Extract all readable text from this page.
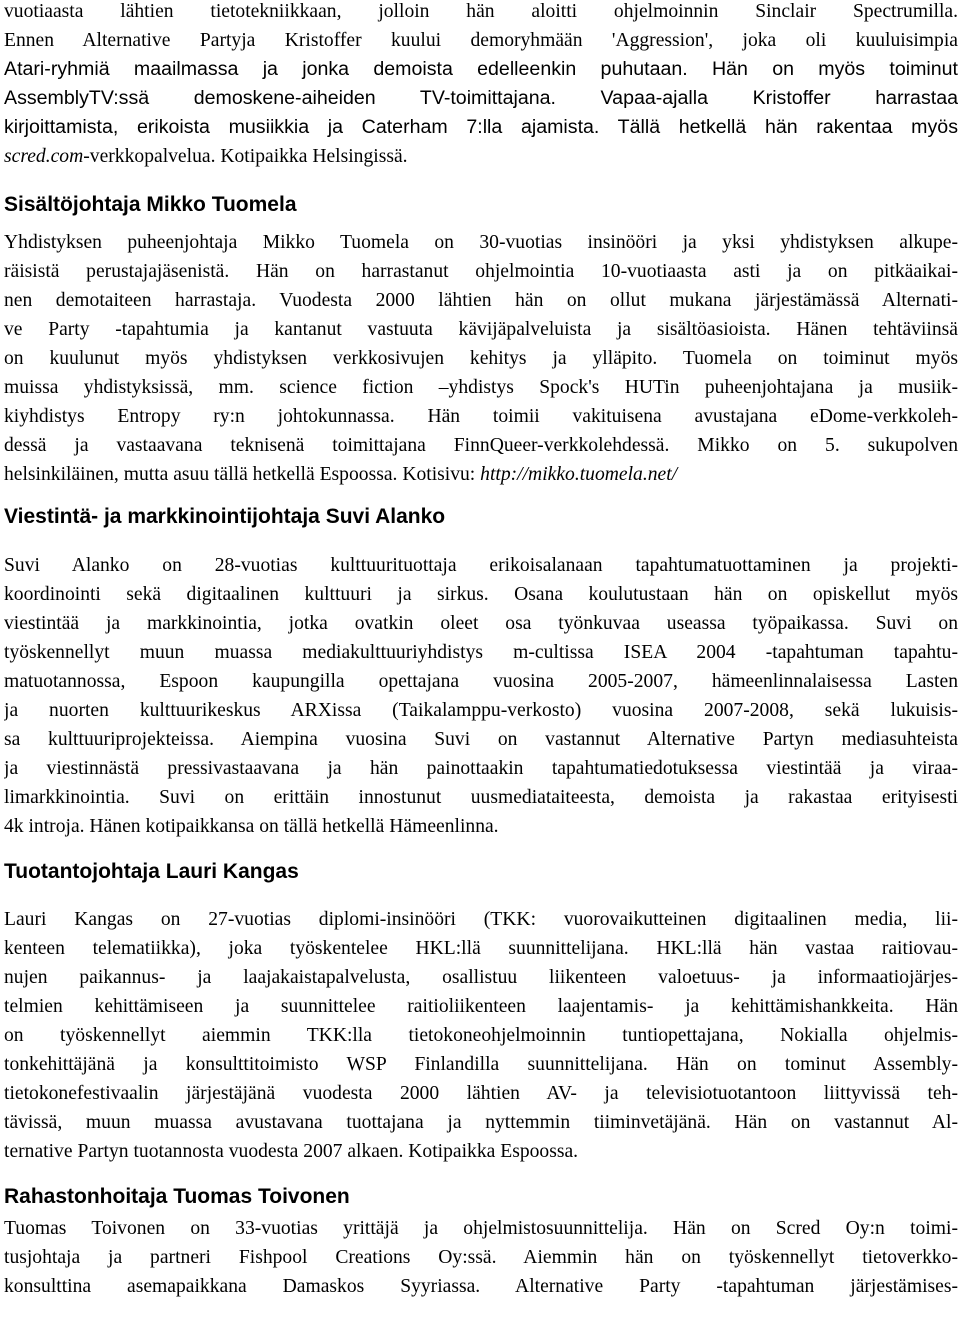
vuotiaasta lähtien tietotekniikkaan, jolloin hän aloitti ohjelmoinnin Sinclair Spectrumilla.
Ennen Alternative Partyja Kristoffer kuului demoryhmään 'Aggression', joka oli kuuluisimpia
Atari-ryhmiä maailmassa ja jonka demoista edelleenkin puhutaan. Hän on myös toiminut
AssemblyTV:ssä demoskene-aiheiden TV-toimittajana. Vapaa-ajalla Kristoffer harrastaa
kirjoittamista, erikoista musiikkia ja Caterham 7:lla ajamista. Tällä hetkellä hän rakentaa myös
scred.com-verkkopalvelua. Kotipaikka Helsingissä.
Sisältöjohtaja Mikko Tuomela
Yhdistyksen puheenjohtaja Mikko Tuomela on 30-vuotias insinööri ja yksi yhdistyksen alkupe-
räisistä perustajajäsenistä. Hän on harrastanut ohjelmointia 10-vuotiaasta asti ja on pitkäaikai-
nen demotaiteen harrastaja. Vuodesta 2000 lähtien hän on ollut mukana järjestämässä Alternati-
ve Party -tapahtumia ja kantanut vastuuta kävijäpalveluista ja sisältöasioista. Hänen tehtäviinsä
on kuulunut myös yhdistyksen verkkosivujen kehitys ja ylläpito. Tuomela on toiminut myös
muissa yhdistyksissä, mm. science fiction –yhdistys Spock's HUTin puheenjohtajana ja musiik-
kiyhdistys Entropy ry:n johtokunnassa. Hän toimii vakituisena avustajana eDome-verkkoleh-
dessä ja vastaavana teknisenä toimittajana FinnQueer-verkkolehdessä. Mikko on 5. sukupolven
helsinkiläinen, mutta asuu tällä hetkellä Espoossa. Kotisivu: http://mikko.tuomela.net/
Viestintä- ja markkinointijohtaja Suvi Alanko
Suvi Alanko on 28-vuotias kulttuurituottaja erikoisalanaan tapahtumatuottaminen ja projekti-
koordinointi sekä digitaalinen kulttuuri ja sirkus. Osana koulutustaan hän on opiskellut myös
viestintää ja markkinointia, jotka ovatkin oleet osa työnkuvaa useassa työpaikassa. Suvi on
työskennellyt muun muassa mediakulttuuriyhdistys m-cultissa ISEA 2004 -tapahtuman tapahtu-
matuotannossa, Espoon kaupungilla opettajana vuosina 2005-2007, hämeenlinnalaisessa Lasten
ja nuorten kulttuurikeskus ARXissa (Taikalamppu-verkosto) vuosina 2007-2008, sekä lukuisis-
sa kulttuuriprojekteissa. Aiempina vuosina Suvi on vastannut Alternative Partyn mediasuhteista
ja viestinnästä pressivastaavana ja hän painottaakin tapahtumatiedotuksessa viestintää ja viraa-
limarkkinointia. Suvi on erittäin innostunut uusmediataiteesta, demoista ja rakastaa erityisesti
4k introja. Hänen kotipaikkansa on tällä hetkellä Hämeenlinna.
Tuotantojohtaja Lauri Kangas
Lauri Kangas on 27-vuotias diplomi-insinööri (TKK: vuorovaikutteinen digitaalinen media, lii-
kenteen telematiikka), joka työskentelee HKL:llä suunnittelijana. HKL:llä hän vastaa raitiovau-
nujen paikannus- ja laajakaistapalvelusta, osallistuu liikenteen valoetuus- ja informaatiojärjes-
telmien kehittämiseen ja suunnittelee raitioliikenteen laajentamis- ja kehittämishankkeita. Hän
on työskennellyt aiemmin TKK:lla tietokoneohjelmoinnin tuntiopettajana, Nokialla ohjelmis-
tonkehittäjänä ja konsulttitoimisto WSP Finlandilla suunnittelijana. Hän on tominut Assembly-
tietokonefestivaalin järjestäjänä vuodesta 2000 lähtien AV- ja televisiotuotantoon liittyvissä teh-
tävissä, muun muassa avustavana tuottajana ja nyttemmin tiiminvetäjänä. Hän on vastannut Al-
ternative Partyn tuotannosta vuodesta 2007 alkaen. Kotipaikka Espoossa.
Rahastonhoitaja Tuomas Toivonen
Tuomas Toivonen on 33-vuotias yrittäjä ja ohjelmistosuunnittelija. Hän on Scred Oy:n toimi-
tusjohtaja ja partneri Fishpool Creations Oy:ssä. Aiemmin hän on työskennellyt tietoverkko-
konsulttina asemapaikkana Damaskos Syyriassa. Alternative Party -tapahtuman järjestämises-
